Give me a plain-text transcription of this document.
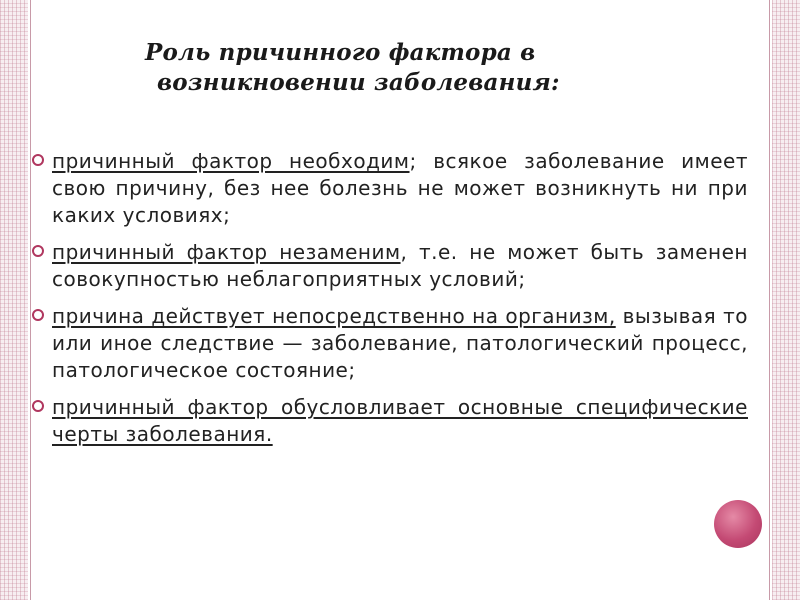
Роль причинного фактора в
возникновении заболевания:
причинный фактор необходим; всякое заболевание имеет свою причину, без нее болезнь не может возникнуть ни при каких условиях;
причинный фактор незаменим, т.е. не может быть заменен совокупностью неблагоприятных условий;
причина действует непосредственно на организм, вызывая то или иное следствие — заболевание, патологический процесс, патологическое состояние;
причинный фактор обусловливает основные специфические черты заболевания.
